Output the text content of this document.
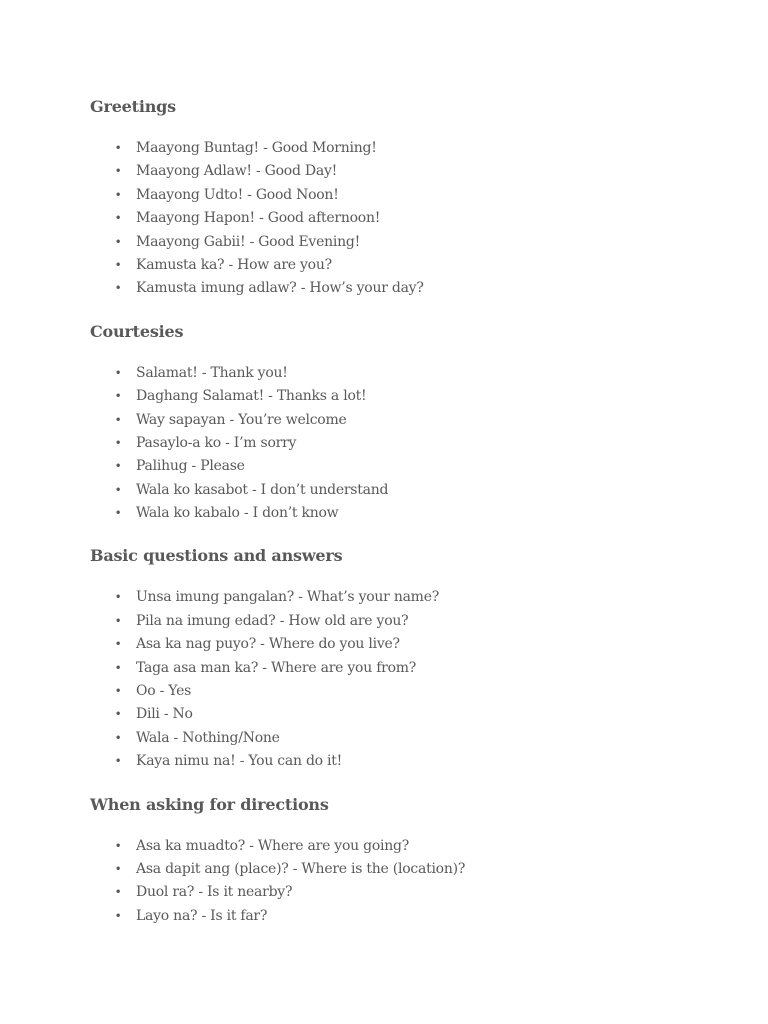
Greetings
• Maayong Buntag! - Good Morning!
• Maayong Adlaw! - Good Day!
• Maayong Udto! - Good Noon!
• Maayong Hapon! - Good afternoon!
• Maayong Gabii! - Good Evening!
• Kamusta ka? - How are you?
• Kamusta imung adlaw? - How’s your day?
Courtesies
• Salamat! - Thank you!
• Daghang Salamat! - Thanks a lot!
• Way sapayan - You’re welcome
• Pasaylo-a ko - I’m sorry
• Palihug - Please
• Wala ko kasabot - I don’t understand
• Wala ko kabalo - I don’t know
Basic questions and answers
• Unsa imung pangalan? - What’s your name?
• Pila na imung edad? - How old are you?
• Asa ka nag puyo? - Where do you live?
• Taga asa man ka? - Where are you from?
• Oo - Yes
• Dili - No
• Wala - Nothing/None
• Kaya nimu na! - You can do it!
When asking for directions
• Asa ka muadto? - Where are you going?
• Asa dapit ang (place)? - Where is the (location)?
• Duol ra? - Is it nearby?
• Layo na? - Is it far?
